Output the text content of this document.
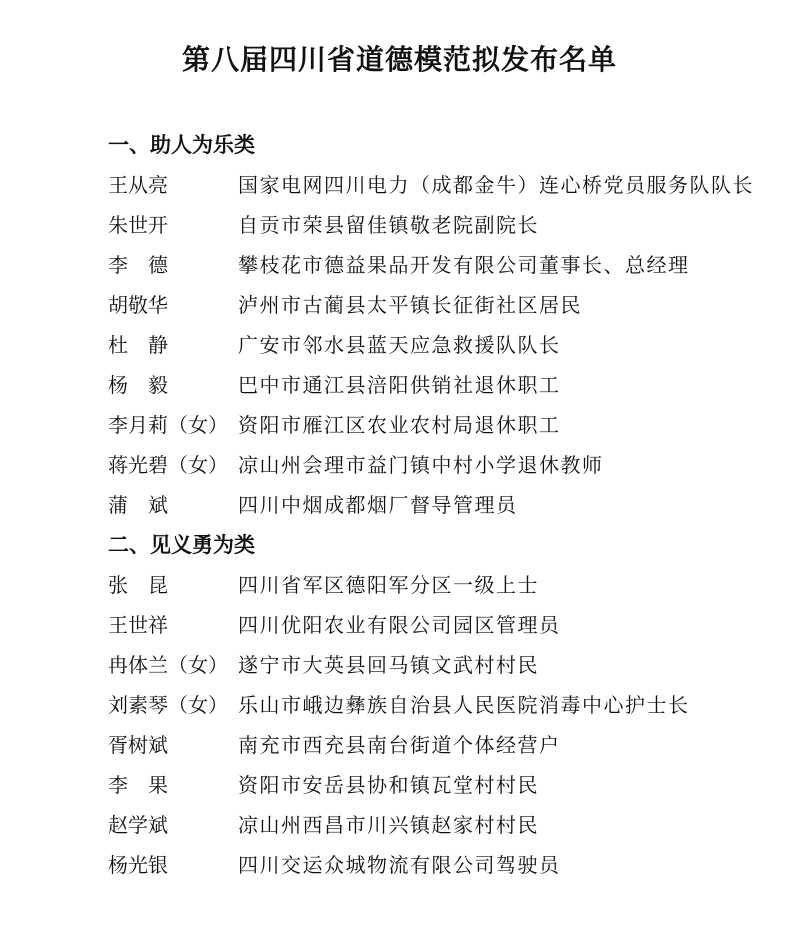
第八届四川省道德模范拟发布名单
一、助人为乐类
王从亮	国家电网四川电力（成都金牛）连心桥党员服务队队长
朱世开	自贡市荣县留佳镇敬老院副院长
李　德	攀枝花市德益果品开发有限公司董事长、总经理
胡敬华	泸州市古蔺县太平镇长征街社区居民
杜　静	广安市邻水县蓝天应急救援队队长
杨　毅	巴中市通江县涪阳供销社退休职工
李月莉（女） 资阳市雁江区农业农村局退休职工
蒋光碧（女） 凉山州会理市益门镇中村小学退休教师
蒲　斌	四川中烟成都烟厂督导管理员
二、见义勇为类
张　昆	四川省军区德阳军分区一级上士
王世祥	四川优阳农业有限公司园区管理员
冉体兰（女） 遂宁市大英县回马镇文武村村民
刘素琴（女） 乐山市峨边彝族自治县人民医院消毒中心护士长
胥树斌	南充市西充县南台街道个体经营户
李　果	资阳市安岳县协和镇瓦堂村村民
赵学斌	凉山州西昌市川兴镇赵家村村民
杨光银	四川交运众城物流有限公司驾驶员
